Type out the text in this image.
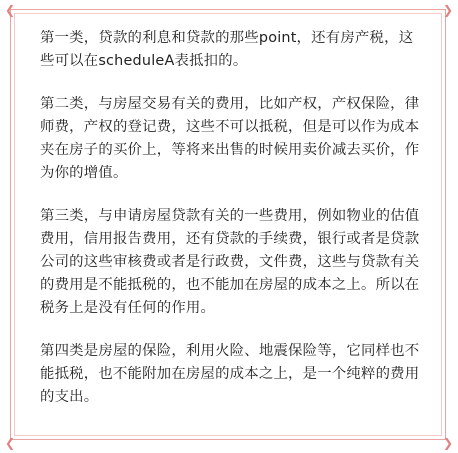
❮	❯
❮	❯

第一类，贷款的利息和贷款的那些point，还有房产税，这些可以在scheduleA表抵扣的。

第二类，与房屋交易有关的费用，比如产权，产权保险，律师费，产权的登记费，这些不可以抵税，但是可以作为成本夹在房子的买价上，等将来出售的时候用卖价减去买价，作为你的增值。

第三类，与申请房屋贷款有关的一些费用，例如物业的估值费用，信用报告费用，还有贷款的手续费，银行或者是贷款公司的这些审核费或者是行政费，文件费，这些与贷款有关的费用是不能抵税的，也不能加在房屋的成本之上。所以在税务上是没有任何的作用。

第四类是房屋的保险，利用火险、地震保险等，它同样也不能抵税，也不能附加在房屋的成本之上，是一个纯粹的费用的支出。
